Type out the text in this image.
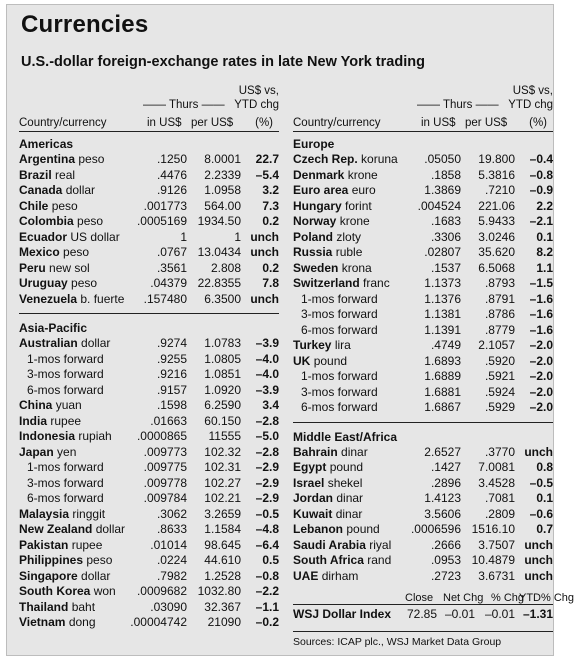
Currencies
U.S.-dollar foreign-exchange rates in late New York trading
US$ vs,
—— Thurs —— YTD chg
Country/currency	in US$ per US$ (%)
Americas
Argentina peso	.1250 8.0001 22.7
Brazil real	.4476 2.2339 –5.4
Canada dollar	.9126 1.0958 3.2
Chile peso	.001773 564.00 7.3
Colombia peso	.0005169 1934.50 0.2
Ecuador US dollar	1	1 unch
Mexico peso	.0767 13.0434 unch
Peru new sol	.3561 2.808 0.2
Uruguay peso	.04379 22.8355 7.8
Venezuela b. fuerte .157480 6.3500 unch
Asia-Pacific
Australian dollar	.9274 1.0783 –3.9
1-mos forward	.9255 1.0805 –4.0
3-mos forward	.9216 1.0851 –4.0
6-mos forward	.9157 1.0920 –3.9
China yuan	.1598 6.2590 3.4
India rupee	.01663 60.150 –2.8
Indonesia rupiah .0000865 11555 –5.0
Japan yen	.009773 102.32 –2.8
1-mos forward	.009775 102.31 –2.9
3-mos forward	.009778 102.27 –2.9
6-mos forward	.009784 102.21 –2.9
Malaysia ringgit	.3062 3.2659 –0.5
New Zealand dollar	.8633 1.1584 –4.8
Pakistan rupee	.01014 98.645 –6.4
Philippines peso	.0224 44.610 0.5
Singapore dollar	.7982 1.2528 –0.8
South Korea won .0009682 1032.80 –2.2
Thailand baht	.03090 32.367 –1.1
Vietnam dong	.00004742 21090 –0.2
US$ vs,
—— Thurs —— YTD chg
Country/currency	in US$ per US$ (%)
Europe
Czech Rep. koruna .05050 19.800 –0.4
Denmark krone	.1858 5.3816 –0.8
Euro area euro	1.3869 .7210 –0.9
Hungary forint	.004524 221.06 2.2
Norway krone	.1683 5.9433 –2.1
Poland zloty	.3306 3.0246 0.1
Russia ruble	.02807 35.620 8.2
Sweden krona	.1537 6.5068 1.1
Switzerland franc	1.1373 .8793 –1.5
1-mos forward	1.1376 .8791 –1.6
3-mos forward	1.1381 .8786 –1.6
6-mos forward	1.1391 .8779 –1.6
Turkey lira	.4749 2.1057 –2.0
UK pound	1.6893 .5920 –2.0
1-mos forward	1.6889 .5921 –2.0
3-mos forward	1.6881 .5924 –2.0
6-mos forward	1.6867 .5929 –2.0
Middle East/Africa
Bahrain dinar	2.6527 .3770 unch
Egypt pound	.1427 7.0081 0.8
Israel shekel	.2896 3.4528 –0.5
Jordan dinar	1.4123 .7081 0.1
Kuwait dinar	3.5606 .2809 –0.6
Lebanon pound	.0006596 1516.10 0.7
Saudi Arabia riyal	.2666 3.7507 unch
South Africa rand	.0953 10.4879 unch
UAE dirham	.2723 3.6731 unch
Close Net Chg % Chg
YTD% Chg
WSJ Dollar Index 72.85 –0.01 –0.01 –1.31
Sources: ICAP plc., WSJ Market Data Group
